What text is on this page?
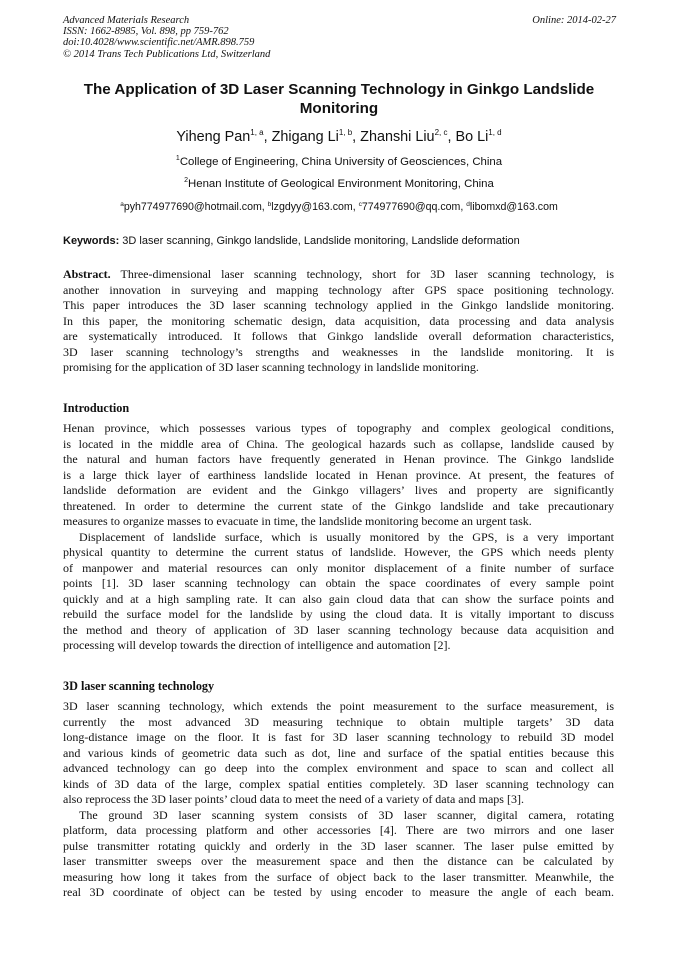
Advanced Materials Research
ISSN: 1662-8985, Vol. 898, pp 759-762
doi:10.4028/www.scientific.net/AMR.898.759
© 2014 Trans Tech Publications Ltd, Switzerland
Online: 2014-02-27
The Application of 3D Laser Scanning Technology in Ginkgo Landslide
Monitoring
Yiheng Pan$^{1, a}$, Zhigang Li$^{1, b}$, Zhanshi Liu$^{2, c}$, Bo Li$^{1, d}$
$^1$College of Engineering, China University of Geosciences, China
$^2$Henan Institute of Geological Environment Monitoring, China
$^a$pyh774977690@hotmail.com, $^b$lzgdyy@163.com, $^c$774977690@qq.com, $^d$libomxd@163.com
Keywords: 3D laser scanning, Ginkgo landslide, Landslide monitoring, Landslide deformation
Abstract. Three-dimensional laser scanning technology, short for 3D laser scanning technology, is
another innovation in surveying and mapping technology after GPS space positioning technology.
This paper introduces the 3D laser scanning technology applied in the Ginkgo landslide monitoring.
In this paper, the monitoring schematic design, data acquisition, data processing and data analysis
are systematically introduced. It follows that Ginkgo landslide overall deformation characteristics,
3D laser scanning technology’s strengths and weaknesses in the landslide monitoring. It is
promising for the application of 3D laser scanning technology in landslide monitoring.
Introduction
Henan province, which possesses various types of topography and complex geological conditions,
is located in the middle area of China. The geological hazards such as collapse, landslide caused by
the natural and human factors have frequently generated in Henan province. The Ginkgo landslide
is a large thick layer of earthiness landslide located in Henan province. At present, the features of
landslide deformation are evident and the Ginkgo villagers’ lives and property are significantly
threatened. In order to determine the current state of the Ginkgo landslide and take precautionary
measures to organize masses to evacuate in time, the landslide monitoring become an urgent task.
Displacement of landslide surface, which is usually monitored by the GPS, is a very important
physical quantity to determine the current status of landslide. However, the GPS which needs plenty
of manpower and material resources can only monitor displacement of a finite number of surface
points [1]. 3D laser scanning technology can obtain the space coordinates of every sample point
quickly and at a high sampling rate. It can also gain cloud data that can show the surface points and
rebuild the surface model for the landslide by using the cloud data. It is vitally important to discuss
the method and theory of application of 3D laser scanning technology because data acquisition and
processing will develop towards the direction of intelligence and automation [2].
3D laser scanning technology
3D laser scanning technology, which extends the point measurement to the surface measurement, is
currently the most advanced 3D measuring technique to obtain multiple targets’ 3D data
long-distance image on the floor. It is fast for 3D laser scanning technology to rebuild 3D model
and various kinds of geometric data such as dot, line and surface of the spatial entities because this
advanced technology can go deep into the complex environment and space to scan and collect all
kinds of 3D data of the large, complex spatial entities completely. 3D laser scanning technology can
also reprocess the 3D laser points’ cloud data to meet the need of a variety of data and maps [3].
The ground 3D laser scanning system consists of 3D laser scanner, digital camera, rotating
platform, data processing platform and other accessories [4]. There are two mirrors and one laser
pulse transmitter rotating quickly and orderly in the 3D laser scanner. The laser pulse emitted by
laser transmitter sweeps over the measurement space and then the distance can be calculated by
measuring how long it takes from the surface of object back to the laser transmitter. Meanwhile, the
real 3D coordinate of object can be tested by using encoder to measure the angle of each beam.
